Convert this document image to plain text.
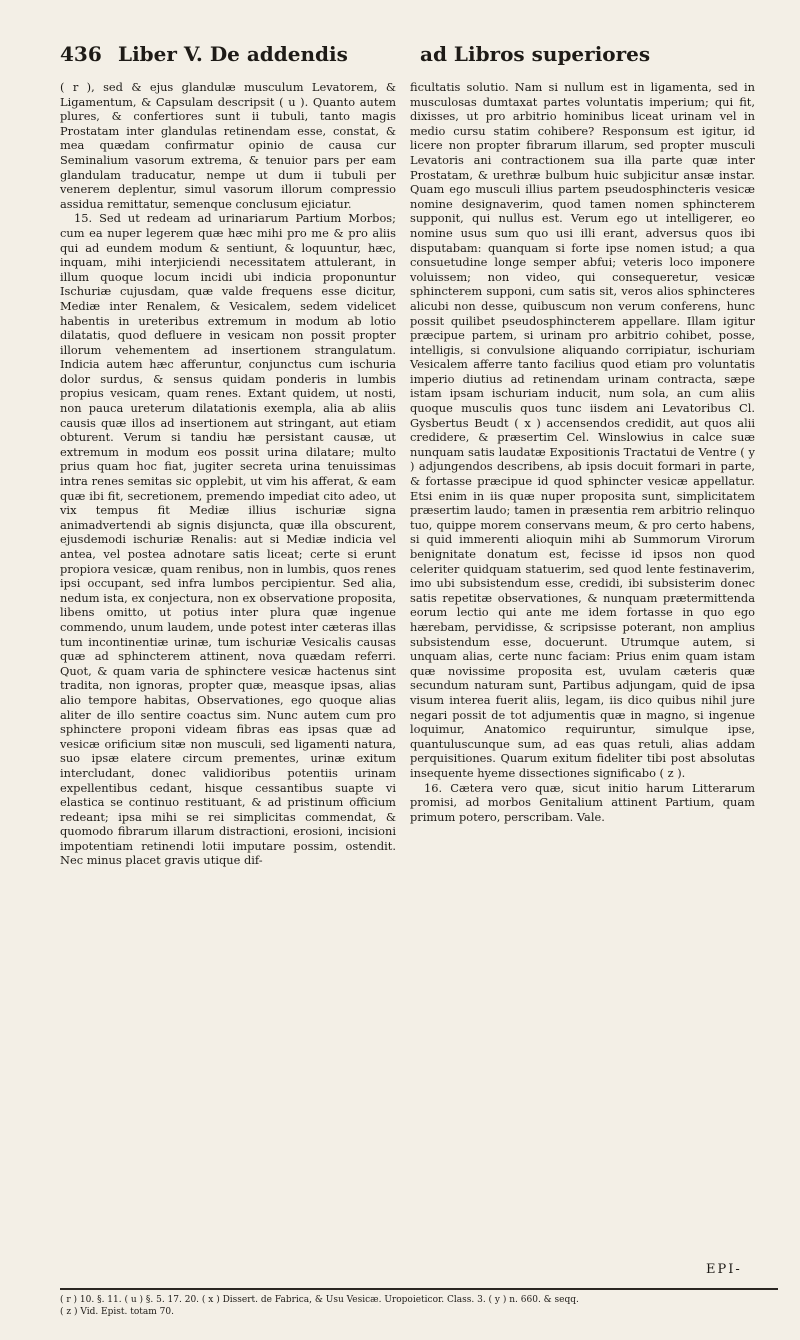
436 Liber V. De addendis	ad Libros superiores

( r ), sed & ejus glandulæ musculum Levatorem, & Ligamentum, & Capsulam descripsit ( u ). Quanto autem plures, & confertiores sunt ii tubuli, tanto magis Prostatam inter glandulas retinendam esse, constat, & mea quædam confirmatur opinio de causa cur Seminalium vasorum extrema, & tenuior pars per eam glandulam traducatur, nempe ut dum ii tubuli per venerem deplentur, simul vasorum illorum compressio assidua remittatur, semenque conclusum ejiciatur.

15. Sed ut redeam ad urinariarum Partium Morbos; cum ea nuper legerem quæ hæc mihi pro me & pro aliis qui ad eundem modum & sentiunt, & loquuntur, hæc, inquam, mihi interjiciendi necessitatem attulerant, in illum quoque locum incidi ubi indicia proponuntur Ischuriæ cujusdam, quæ valde frequens esse dicitur, Mediæ inter Renalem, & Vesicalem, sedem videlicet habentis in ureteribus extremum in modum ab lotio dilatatis, quod defluere in vesicam non possit propter illorum vehementem ad insertionem strangulatum. Indicia autem hæc afferuntur, conjunctus cum ischuria dolor surdus, & sensus quidam ponderis in lumbis propius vesicam, quam renes. Extant quidem, ut nosti, non pauca ureterum dilatationis exempla, alia ab aliis causis quæ illos ad insertionem aut stringant, aut etiam obturent. Verum si tandiu hæ persistant causæ, ut extremum in modum eos possit urina dilatare; multo prius quam hoc fiat, jugiter secreta urina tenuissimas intra renes semitas sic opplebit, ut vim his afferat, & eam quæ ibi fit, secretionem, premendo impediat cito adeo, ut vix tempus fit Mediæ illius ischuriæ signa animadvertendi ab signis disjuncta, quæ illa obscurent, ejusdemodi ischuriæ Renalis: aut si Mediæ indicia vel antea, vel postea adnotare satis liceat; certe si erunt propiora vesicæ, quam renibus, non in lumbis, quos renes ipsi occupant, sed infra lumbos percipientur. Sed alia, nedum ista, ex conjectura, non ex observatione proposita, libens omitto, ut potius inter plura quæ ingenue commendo, unum laudem, unde potest inter cæteras illas tum incontinentiæ urinæ, tum ischuriæ Vesicalis causas quæ ad sphincterem attinent, nova quædam referri. Quot, & quam varia de sphinctere vesicæ hactenus sint tradita, non ignoras, propter quæ, measque ipsas, alias alio tempore habitas, Observationes, ego quoque alias aliter de illo sentire coactus sim. Nunc autem cum pro sphinctere proponi videam fibras eas ipsas quæ ad vesicæ orificium sitæ non musculi, sed ligamenti natura, suo ipsæ elatere circum prementes, urinæ exitum intercludant, donec validioribus potentiis urinam expellentibus cedant, hisque cessantibus suapte vi elastica se continuo restituant, & ad pristinum officium redeant; ipsa mihi se rei simplicitas commendat, & quomodo fibrarum illarum distractioni, erosioni, incisioni impotentiam retinendi lotii imputare possim, ostendit. Nec minus placet gravis utique dif-

ficultatis solutio. Nam si nullum est in ligamenta, sed in musculosas dumtaxat partes voluntatis imperium; qui fit, dixisses, ut pro arbitrio hominibus liceat urinam vel in medio cursu statim cohibere? Responsum est igitur, id licere non propter fibrarum illarum, sed propter musculi Levatoris ani contractionem sua illa parte quæ inter Prostatam, & urethræ bulbum huic subjicitur ansæ instar. Quam ego musculi illius partem pseudosphincteris vesicæ nomine designaverim, quod tamen nomen sphincterem supponit, qui nullus est. Verum ego ut intelligerer, eo nomine usus sum quo usi illi erant, adversus quos ibi disputabam: quanquam si forte ipse nomen istud; a qua consuetudine longe semper abfui; veteris loco imponere voluissem; non video, qui consequeretur, vesicæ sphincterem supponi, cum satis sit, veros alios sphincteres alicubi non desse, quibuscum non verum conferens, hunc possit quilibet pseudosphincterem appellare. Illam igitur præcipue partem, si urinam pro arbitrio cohibet, posse, intelligis, si convulsione aliquando corripiatur, ischuriam Vesicalem afferre tanto facilius quod etiam pro voluntatis imperio diutius ad retinendam urinam contracta, sæpe istam ipsam ischuriam inducit, num sola, an cum aliis quoque musculis quos tunc iisdem ani Levatoribus Cl. Gysbertus Beudt ( x ) accensendos credidit, aut quos alii credidere, & præsertim Cel. Winslowius in calce suæ nunquam satis laudatæ Expositionis Tractatui de Ventre ( y ) adjungendos describens, ab ipsis docuit formari in parte, & fortasse præcipue id quod sphincter vesicæ appellatur. Etsi enim in iis quæ nuper proposita sunt, simplicitatem præsertim laudo; tamen in præsentia rem arbitrio relinquo tuo, quippe morem conservans meum, & pro certo habens, si quid immerenti alioquin mihi ab Summorum Virorum benignitate donatum est, fecisse id ipsos non quod celeriter quidquam statuerim, sed quod lente festinaverim, imo ubi subsistendum esse, credidi, ibi subsisterim donec satis repetitæ observationes, & nunquam prætermittenda eorum lectio qui ante me idem fortasse in quo ego hærebam, pervidisse, & scripsisse poterant, non amplius subsistendum esse, docuerunt. Utrumque autem, si unquam alias, certe nunc faciam: Prius enim quam istam quæ novissime proposita est, uvulam cæteris quæ secundum naturam sunt, Partibus adjungam, quid de ipsa visum interea fuerit aliis, legam, iis dico quibus nihil jure negari possit de tot adjumentis quæ in magno, si ingenue loquimur, Anatomico requiruntur, simulque ipse, quantuluscunque sum, ad eas quas retuli, alias addam perquisitiones. Quarum exitum fideliter tibi post absolutas insequente hyeme dissectiones significabo ( z ).

16. Cætera vero quæ, sicut initio harum Litterarum promisi, ad morbos Genitalium attinent Partium, quam primum potero, perscribam. Vale.

EPI-
( r ) 10. §. 11. ( u ) §. 5. 17. 20. ( x ) Dissert. de Fabrica, & Usu Vesicæ. Uropoieticor. Class. 3. ( y ) n. 660. & seqq.
( z ) Vid. Epist. totam 70.
